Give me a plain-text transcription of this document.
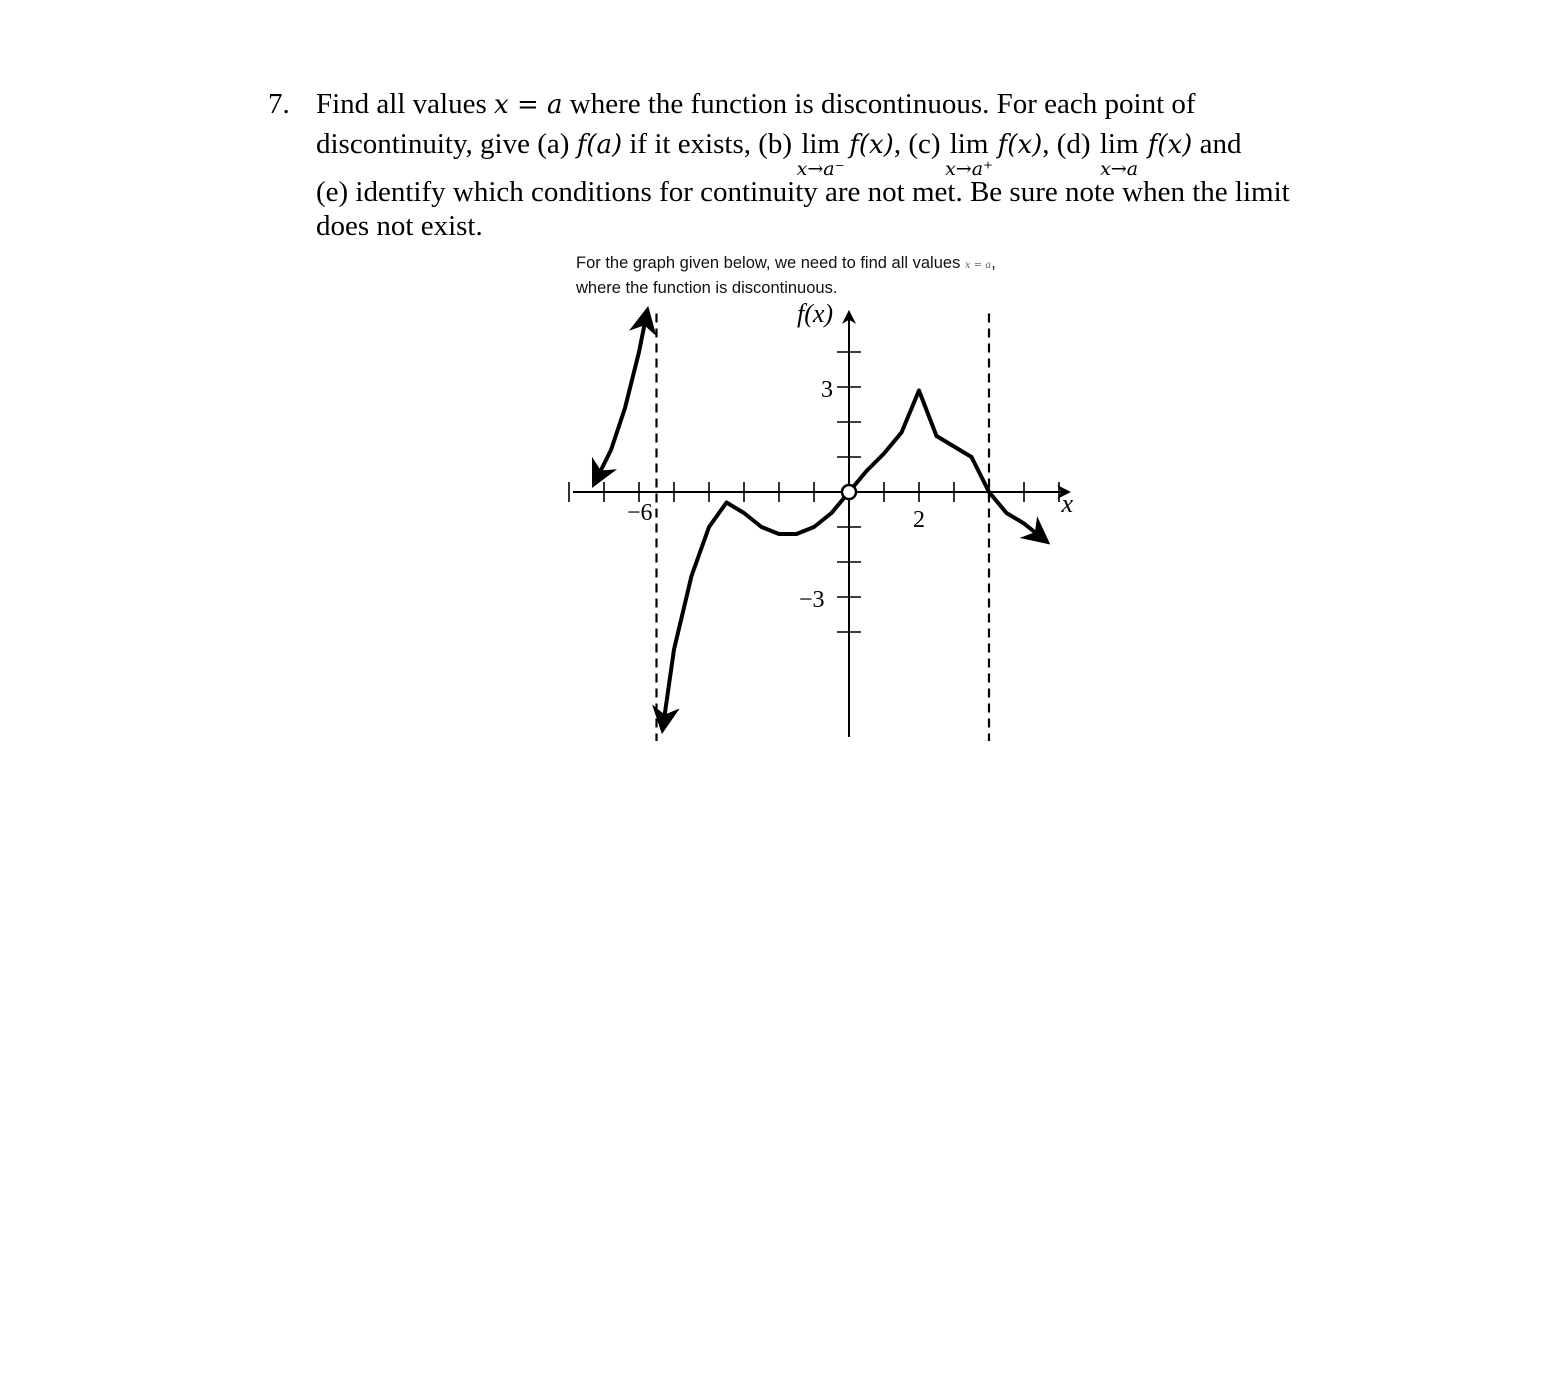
7. Find all values x = a where the function is discontinuous. For each point of
discontinuity, give (a) f(a) if it exists, (b) lim
x→a⁻
f(x), (c) lim
x→a⁺
f(x), (d) lim
x→a
f(x) and
(e) identify which conditions for continuity are not met. Be sure note when the limit
does not exist.
For the graph given below, we need to find all values x = a,
where the function is discontinuous.
f(x)
x
−6	2
3
−3
